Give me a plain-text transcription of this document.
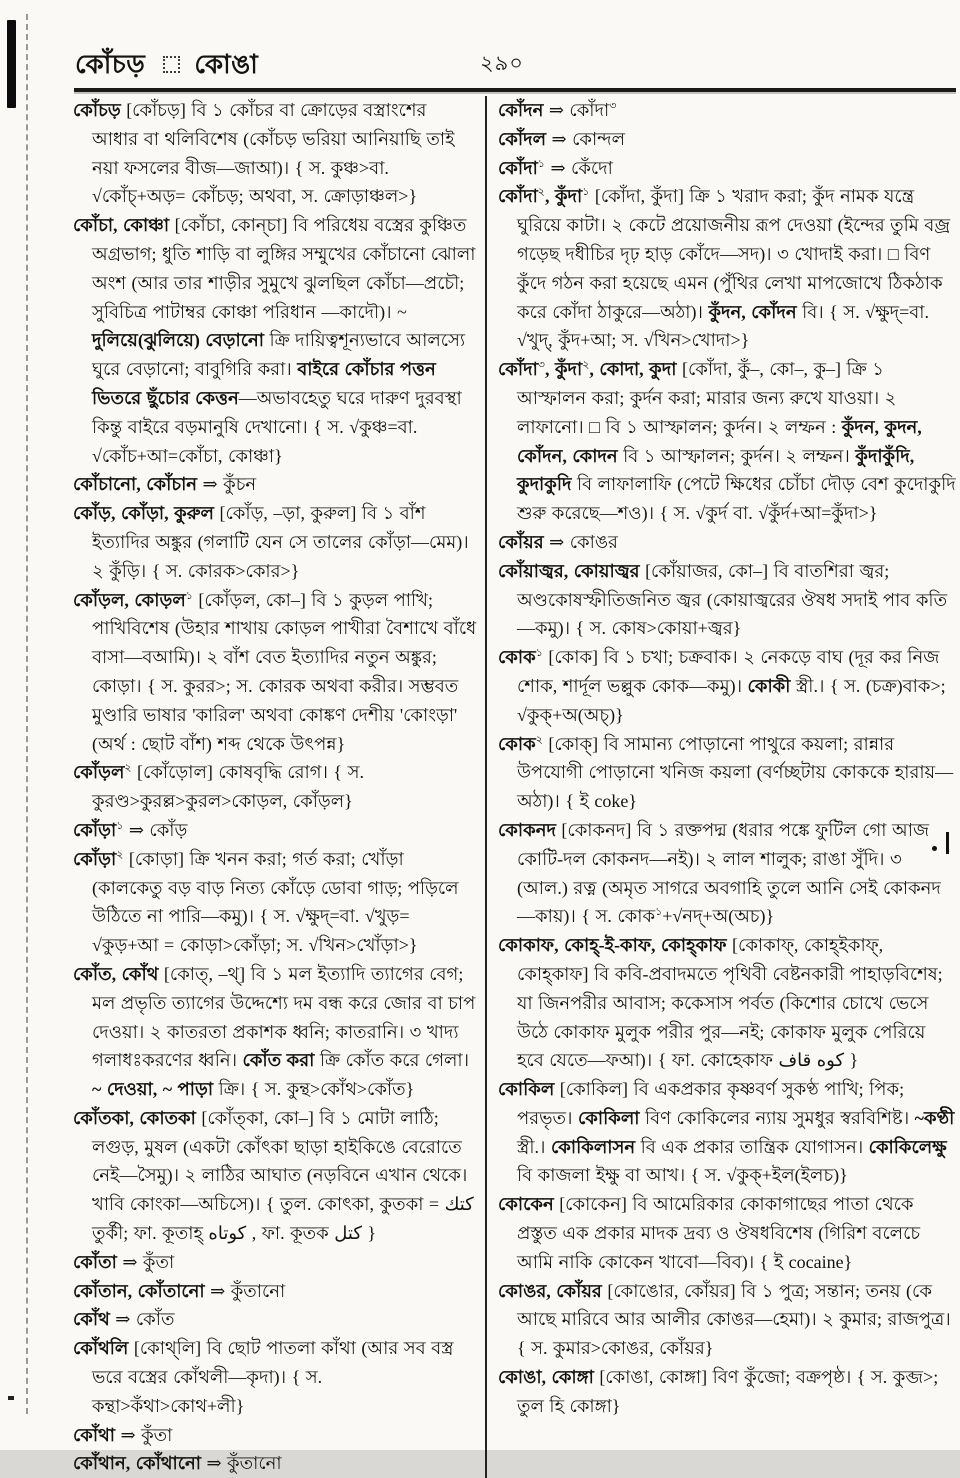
কোঁচড় কোঙা	২৯০

কোঁচড় [কোঁচড়] বি ১ কোঁচর বা ক্রোড়ের বস্ত্রাংশের আধার বা থলিবিশেষ (কোঁচড় ভরিয়া আনিয়াছি তাই নয়া ফসলের বীজ—জাআ)। { স. কুঞ্চ>বা. √কোঁচ্+অড়= কোঁচড়; অথবা, স. ক্রোড়াঞ্চল>}

কোঁচা, কোঞ্চা [কোঁচা, কোন্‌চা] বি পরিধেয় বস্ত্রের কুঞ্চিত অগ্রভাগ; ধুতি শাড়ি বা লুঙ্গির সম্মুখের কোঁচানো ঝোলা অংশ (আর তার শাড়ীর সুমুখে ঝুলছিল কোঁচা—প্রচৌ; সুবিচিত্র পাটাম্বর কোঞ্চা পরিধান —কাদৌ)। ~ দুলিয়ে(ঝুলিয়ে) বেড়ানো ক্রি দায়িত্বশূন্যভাবে আলস্যে ঘুরে বেড়ানো; বাবুগিরি করা। বাইরে কোঁচার পত্তন ভিতরে ছুঁচোর কেত্তন—অভাবহেতু ঘরে দারুণ দুরবস্থা কিন্তু বাইরে বড়মানুষি দেখানো। { স. √কুঞ্চ=বা. √কোঁচ+আ=কোঁচা, কোঞ্চা}

কোঁচানো, কোঁচান ⇒ কুঁচন

কোঁড়, কোঁড়া, কুরুল [কোঁড়, –ড়া, কুরুল] বি ১ বাঁশ ইত্যাদির অঙ্কুর (গলাটি যেন সে তালের কোঁড়া—মেম)। ২ কুঁড়ি। { স. কোরক>কোর>}

কোঁড়ল, কোড়ল$^১$ [কোঁড়ল, কো–] বি ১ কুড়ল পাখি; পাখিবিশেষ (উহার শাখায় কোড়ল পাখীরা বৈশাখে বাঁধে বাসা—বআমি)। ২ বাঁশ বেত ইত্যাদির নতুন অঙ্কুর; কোড়া। { স. কুরর>; স. কোরক অথবা করীর। সম্ভবত মুণ্ডারি ভাষার 'কারিল' অথবা কোঙ্কণ দেশীয় 'কোংড়া' (অর্থ : ছোট বাঁশ) শব্দ থেকে উৎপন্ন}

কোঁড়ল$^২$ [কোঁড়োল] কোষবৃদ্ধি রোগ। { স. কুরণ্ড>কুরল্ল>কুরল>কোড়ল, কোঁড়ল}

কোঁড়া$^১$ ⇒ কোঁড়

কোঁড়া$^২$ [কোড়া] ক্রি খনন করা; গর্ত করা; খোঁড়া (কালকেতু বড় বাড় নিত্য কোঁড়ে ডোবা গাড়; পড়িলে উঠিতে না পারি—কমু)। { স. √ক্ষুদ্=বা. √খুড়= √কুড়+আ = কোড়া>কোঁড়া; স. √খিন>খোঁড়া>}

কোঁত, কোঁথ [কোত্, –থ্] বি ১ মল ইত্যাদি ত্যাগের বেগ; মল প্রভৃতি ত্যাগের উদ্দেশ্যে দম বন্ধ করে জোর বা চাপ দেওয়া। ২ কাতরতা প্রকাশক ধ্বনি; কাতরানি। ৩ খাদ্য গলাধঃকরণের ধ্বনি। কোঁত করা ক্রি কোঁত করে গেলা। ~ দেওয়া, ~ পাড়া ক্রি। { স. কুন্থ>কোঁথ>কোঁত}

কোঁতকা, কোতকা [কোঁত্‌কা, কো–] বি ১ মোটা লাঠি; লগুড়, মুষল (একটা কোঁৎকা ছাড়া হাইকিঙে বেরোতে নেই—সৈমু)। ২ লাঠির আঘাত (নড়বিনে এখান থেকে। খাবি কোংকা—অচিসে)। { তুল. কোৎকা, কুতকা = كتك তুর্কী; ফা. কূতাহ্ كوتاه , ফা. কূতক كتل }

কোঁতা ⇒ কুঁতা

কোঁতান, কোঁতানো ⇒ কুঁতানো

কোঁথ ⇒ কোঁত

কোঁথলি [কোথ্‌লি] বি ছোট পাতলা কাঁথা (আর সব বস্ত্র ভরে বস্ত্রের কোঁথলী—কৃদা)। { স. কন্থা>কঁথা>কোথ+লী}

কোঁথা ⇒ কুঁতা

কোঁথান, কোঁথানো ⇒ কুঁতানো

কোঁদন ⇒ কোঁদা$^৩$

কোঁদল ⇒ কোন্দল

কোঁদা$^১$ ⇒ কেঁদো

কোঁদা$^২$, কুঁদা$^১$ [কোঁদা, কুঁদা] ক্রি ১ খরাদ করা; কুঁদ নামক যন্ত্রে ঘুরিয়ে কাটা। ২ কেটে প্রয়োজনীয় রূপ দেওয়া (ইন্দের তুমি বজ্র গড়েছ দধীচির দৃঢ় হাড় কোঁদে—সদ)। ৩ খোদাই করা। □ বিণ কুঁদে গঠন করা হয়েছে এমন (পুঁথির লেখা মাপজোখে ঠিকঠাক করে কোঁদা ঠাকুরে—অঠা)। কুঁদন, কোঁদন বি। { স. √ক্ষুদ্=বা. √খুদ্, কুঁদ+আ; স. √খিন>খোদা>}

কোঁদা$^৩$, কুঁদা$^২$, কোদা, কুদা [কোঁদা, কুঁ–, কো–, কু–] ক্রি ১ আস্ফালন করা; কুর্দন করা; মারার জন্য রুখে যাওয়া। ২ লাফানো। □ বি ১ আস্ফালন; কুর্দন। ২ লম্ফন : কুঁদন, কুদন, কোঁদন, কোদন বি ১ আস্ফালন; কুর্দন। ২ লম্ফন। কুঁদাকুঁদি, কুদাকুদি বি লাফালাফি (পেটে ক্ষিধের চোঁচা দৌড় বেশ কুদোকুদি শুরু করেছে—শও)। { স. √কুর্দ বা. √কুঁর্দ+আ=কুঁদা>}

কোঁয়র ⇒ কোঙর

কোঁয়াজ্বর, কোয়াজ্বর [কোঁয়াজর, কো–] বি বাতশিরা জ্বর; অণ্ডকোষস্ফীতিজনিত জ্বর (কোয়াজ্বরের ঔষধ সদাই পাব কতি—কমু)। { স. কোষ>কোয়া+জ্বর}

কোক$^১$ [কোক] বি ১ চখা; চক্রবাক। ২ নেকড়ে বাঘ (দূর কর নিজ শোক, শার্দূল ভল্লুক কোক—কমু)। কোকী স্ত্রী.। { স. (চক্র)বাক>; √কুক্+অ(অচ্)}

কোক$^২$ [কোক্] বি সামান্য পোড়ানো পাথুরে কয়লা; রান্নার উপযোগী পোড়ানো খনিজ কয়লা (বর্ণচ্ছটায় কোককে হারায়—অঠা)। { ই coke}

কোকনদ [কোকনদ] বি ১ রক্তপদ্ম (ধরার পঙ্কে ফুটিল গো আজ কোটি-দল কোকনদ—নই)। ২ লাল শালুক; রাঙা সুঁদি। ৩ (আল.) রত্ন (অমৃত সাগরে অবগাহি তুলে আনি সেই কোকনদ—কায়)। { স. কোক$^১$+√নদ্+অ(অচ)}

কোকাফ, কোহ্-ই-কাফ, কোহ্‌কাফ [কোকাফ্, কোহ্‌ইকাফ্, কোহ্‌কাফ] বি কবি-প্রবাদমতে পৃথিবী বেষ্টনকারী পাহাড়বিশেষ; যা জিনপরীর আবাস; ককেসাস পর্বত (কিশোর চোখে ভেসে উঠে কোকাফ মুলুক পরীর পুর—নই; কোকাফ মুলুক পেরিয়ে হবে যেতে—ফআ)। { ফা. কোহেকাফ كوه قاف }

কোকিল [কোকিল] বি একপ্রকার কৃষ্ণবর্ণ সুকণ্ঠ পাখি; পিক; পরভৃত। কোকিলা বিণ কোকিলের ন্যায় সুমধুর স্বরবিশিষ্ট। ~কণ্ঠী স্ত্রী.। কোকিলাসন বি এক প্রকার তান্ত্রিক যোগাসন। কোকিলেক্ষু বি কাজলা ইক্ষু বা আখ। { স. √কুক্+ইল(ইলচ)}

কোকেন [কোকেন] বি আমেরিকার কোকাগাছের পাতা থেকে প্রস্তুত এক প্রকার মাদক দ্রব্য ও ঔষধবিশেষ (গিরিশ বলেচে আমি নাকি কোকেন খাবো—বিব)। { ই cocaine}

কোঙর, কোঁয়র [কোঙোর, কোঁয়র] বি ১ পুত্র; সন্তান; তনয় (কে আছে মারিবে আর আলীর কোঙর—হেমা)। ২ কুমার; রাজপুত্র। { স. কুমার>কোঙর, কোঁয়র}

কোঙা, কোঙ্গা [কোঙা, কোঙ্গা] বিণ কুঁজো; বক্রপৃষ্ঠ। { স. কুব্জ>; তুল হি কোঙ্গা}
